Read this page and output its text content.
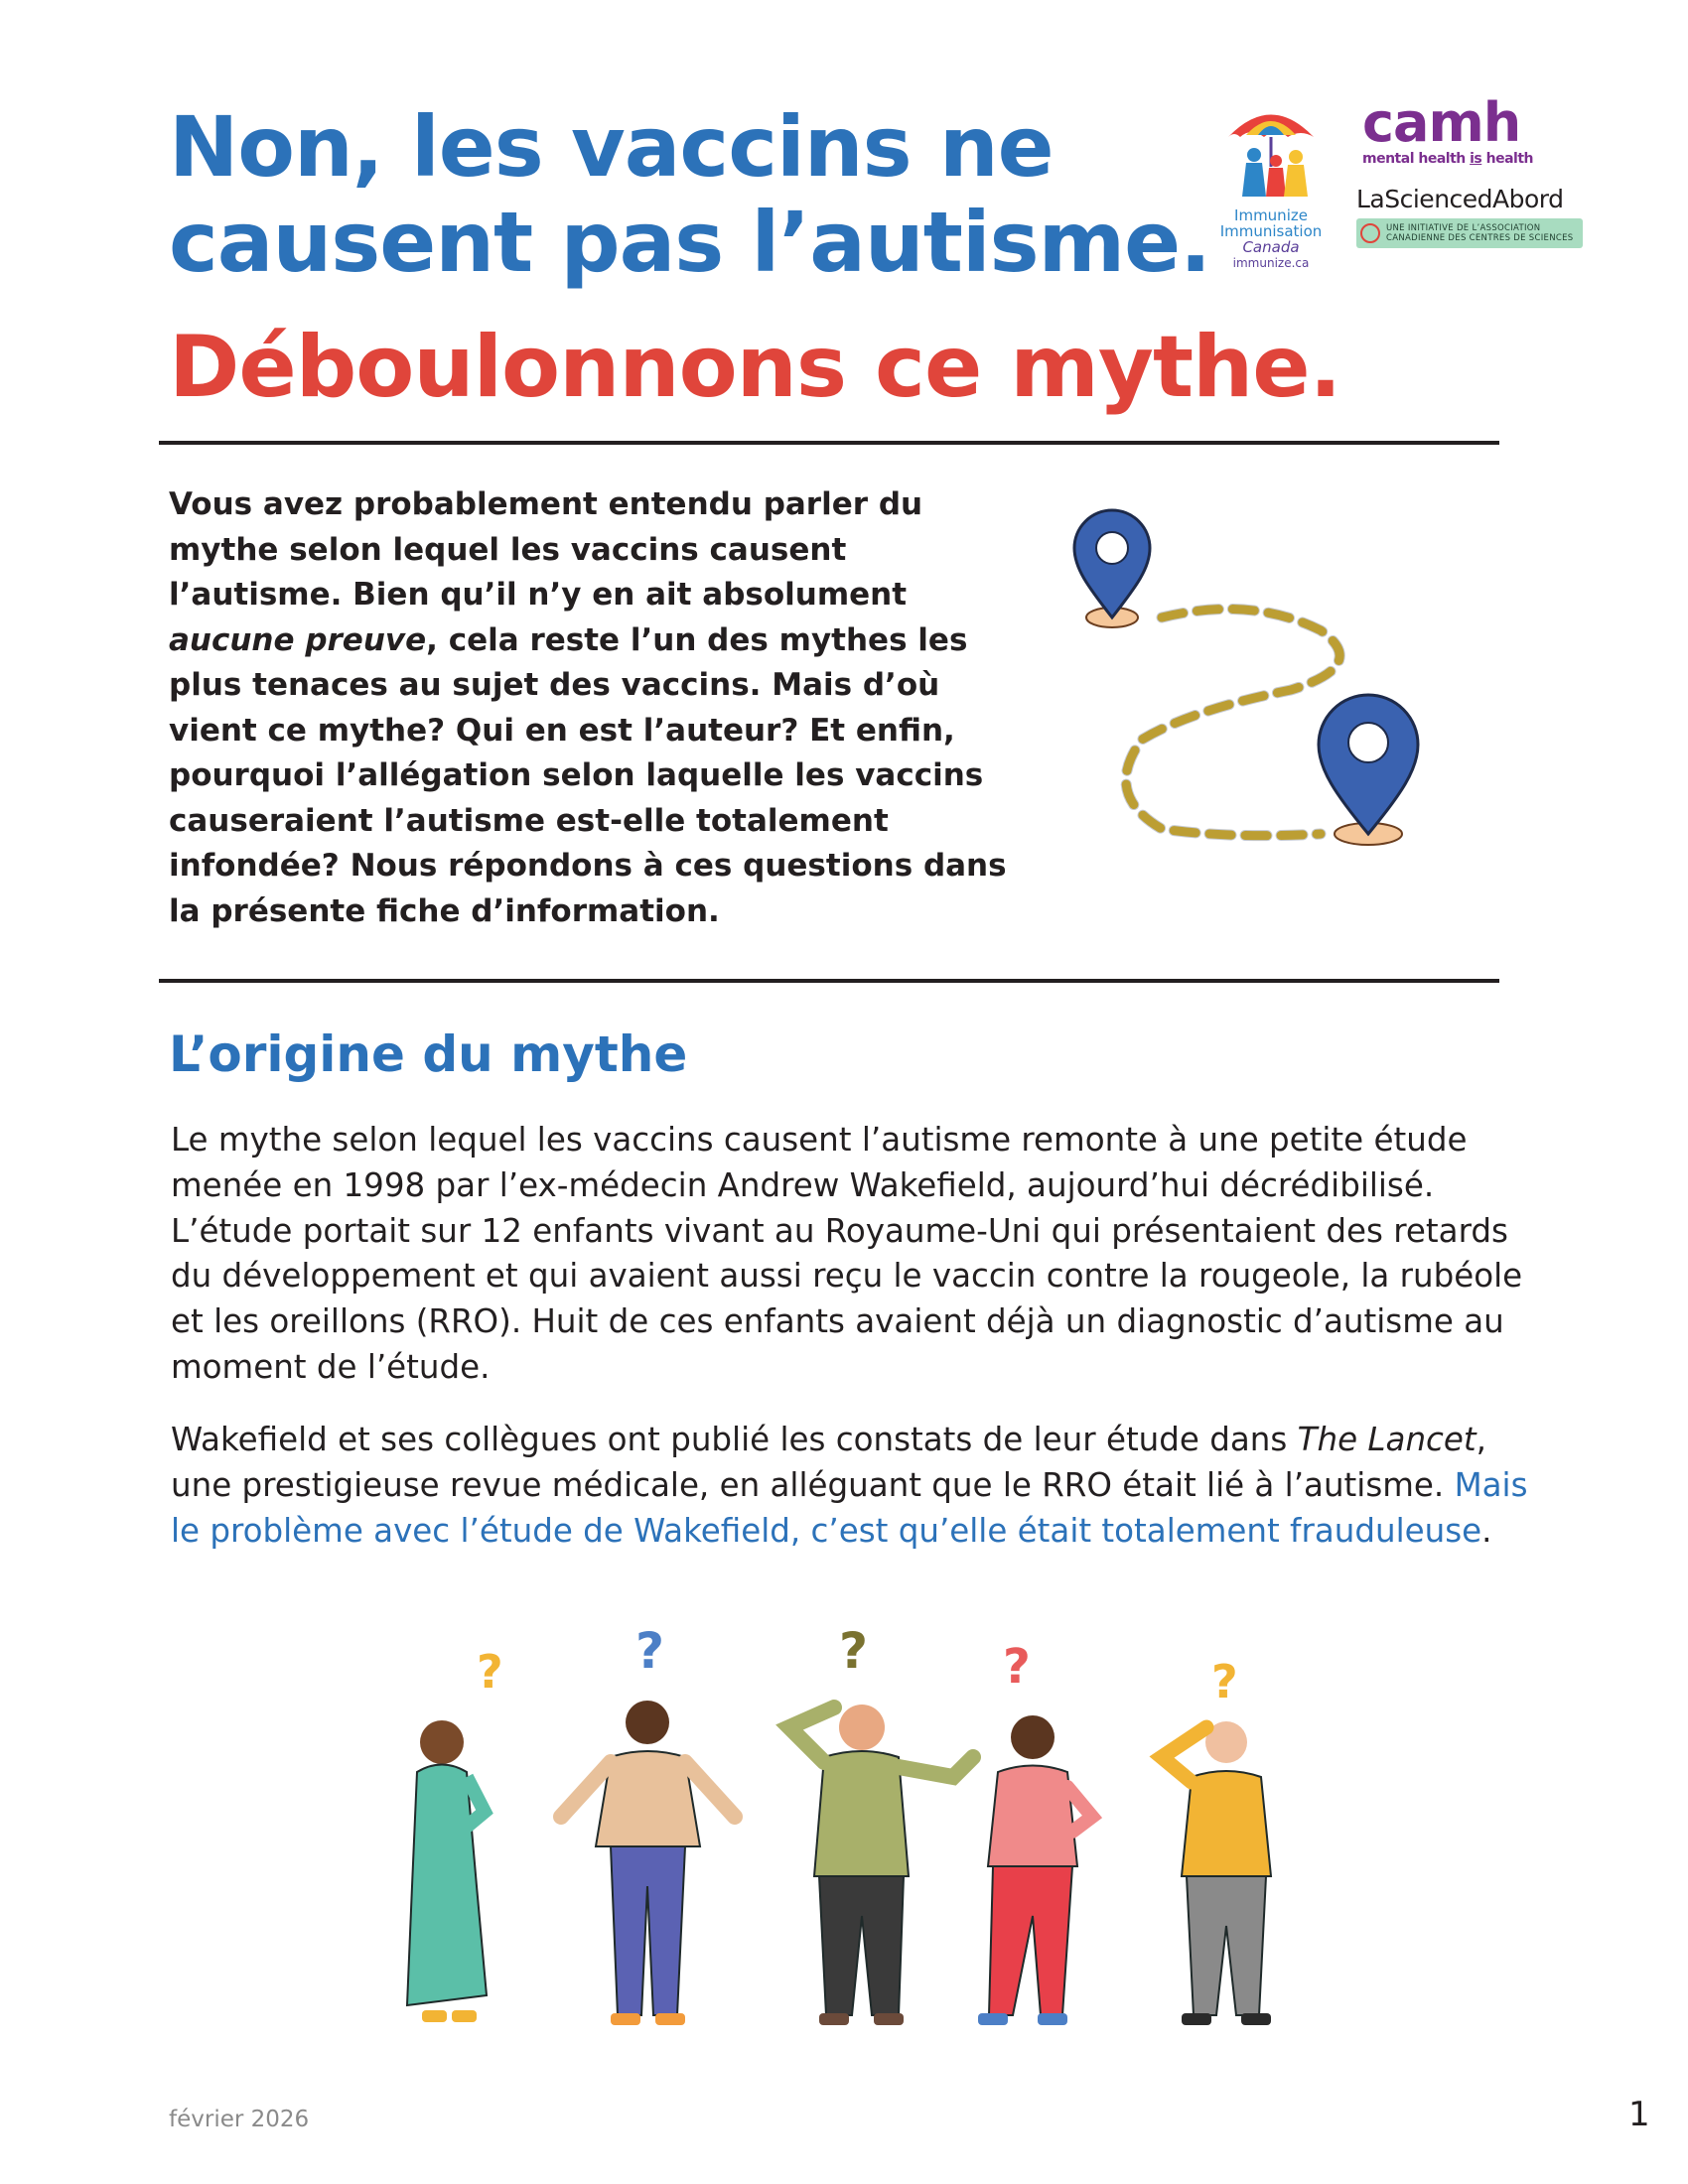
Non, les vaccins ne
causent pas l’autisme.
Déboulonnons ce mythe.
Immunize
Immunisation
Canada
immunize.ca
camh
mental health is health
LaSciencedAbord
UNE INITIATIVE DE L’ASSOCIATION
CANADIENNE DES CENTRES DE SCIENCES

Vous avez probablement entendu parler du mythe selon lequel les vaccins causent l’autisme. Bien qu’il n’y en ait absolument aucune preuve, cela reste l’un des mythes les plus tenaces au sujet des vaccins. Mais d’où vient ce mythe? Qui en est l’auteur? Et enfin, pourquoi l’allégation selon laquelle les vaccins causeraient l’autisme est-elle totalement infondée? Nous répondons à ces questions dans la présente fiche d’information.

L’origine du mythe

Le mythe selon lequel les vaccins causent l’autisme remonte à une petite étude menée en 1998 par l’ex-médecin Andrew Wakefield, aujourd’hui décrédibilisé. L’étude portait sur 12 enfants vivant au Royaume-Uni qui présentaient des retards du développement et qui avaient aussi reçu le vaccin contre la rougeole, la rubéole et les oreillons (RRO). Huit de ces enfants avaient déjà un diagnostic d’autisme au moment de l’étude.

Wakefield et ses collègues ont publié les constats de leur étude dans The Lancet, une prestigieuse revue médicale, en alléguant que le RRO était lié à l’autisme. Mais le problème avec l’étude de Wakefield, c’est qu’elle était totalement frauduleuse.

?	?	?	?	?
février 2026	1
